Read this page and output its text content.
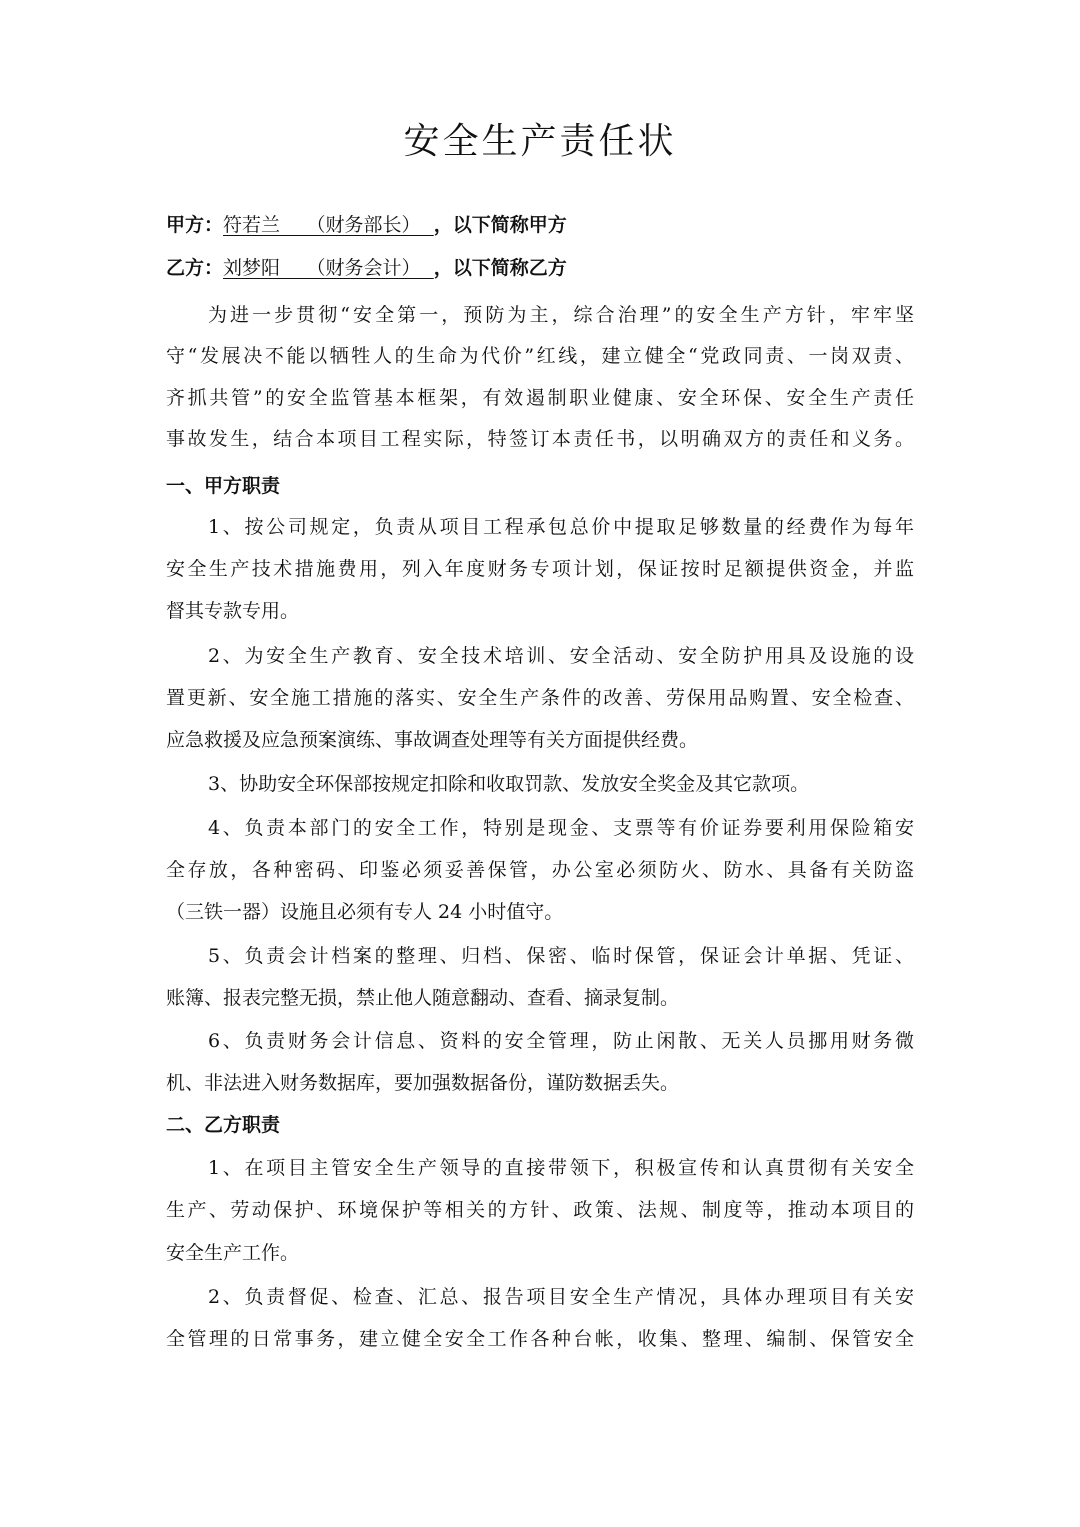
安全生产责任状
甲方：符若兰 （财务部长） ，以下简称甲方
乙方：刘梦阳 （财务会计） ，以下简称乙方
为进一步贯彻“安全第一，预防为主，综合治理”的安全生产方针，牢牢坚
守“发展决不能以牺牲人的生命为代价”红线，建立健全“党政同责、一岗双责、
齐抓共管”的安全监管基本框架，有效遏制职业健康、安全环保、安全生产责任
事故发生，结合本项目工程实际，特签订本责任书，以明确双方的责任和义务。
一、甲方职责
1、按公司规定，负责从项目工程承包总价中提取足够数量的经费作为每年
安全生产技术措施费用，列入年度财务专项计划，保证按时足额提供资金，并监
督其专款专用。
2、为安全生产教育、安全技术培训、安全活动、安全防护用具及设施的设
置更新、安全施工措施的落实、安全生产条件的改善、劳保用品购置、安全检查、
应急救援及应急预案演练、事故调查处理等有关方面提供经费。
3、协助安全环保部按规定扣除和收取罚款、发放安全奖金及其它款项。
4、负责本部门的安全工作，特别是现金、支票等有价证券要利用保险箱安
全存放，各种密码、印鉴必须妥善保管，办公室必须防火、防水、具备有关防盗
（三铁一器）设施且必须有专人 24 小时值守。
5、负责会计档案的整理、归档、保密、临时保管，保证会计单据、凭证、
账簿、报表完整无损，禁止他人随意翻动、查看、摘录复制。
6、负责财务会计信息、资料的安全管理，防止闲散、无关人员挪用财务微
机、非法进入财务数据库，要加强数据备份，谨防数据丢失。
二、乙方职责
1、在项目主管安全生产领导的直接带领下，积极宣传和认真贯彻有关安全
生产、劳动保护、环境保护等相关的方针、政策、法规、制度等，推动本项目的
安全生产工作。
2、负责督促、检查、汇总、报告项目安全生产情况，具体办理项目有关安
全管理的日常事务，建立健全安全工作各种台帐，收集、整理、编制、保管安全
